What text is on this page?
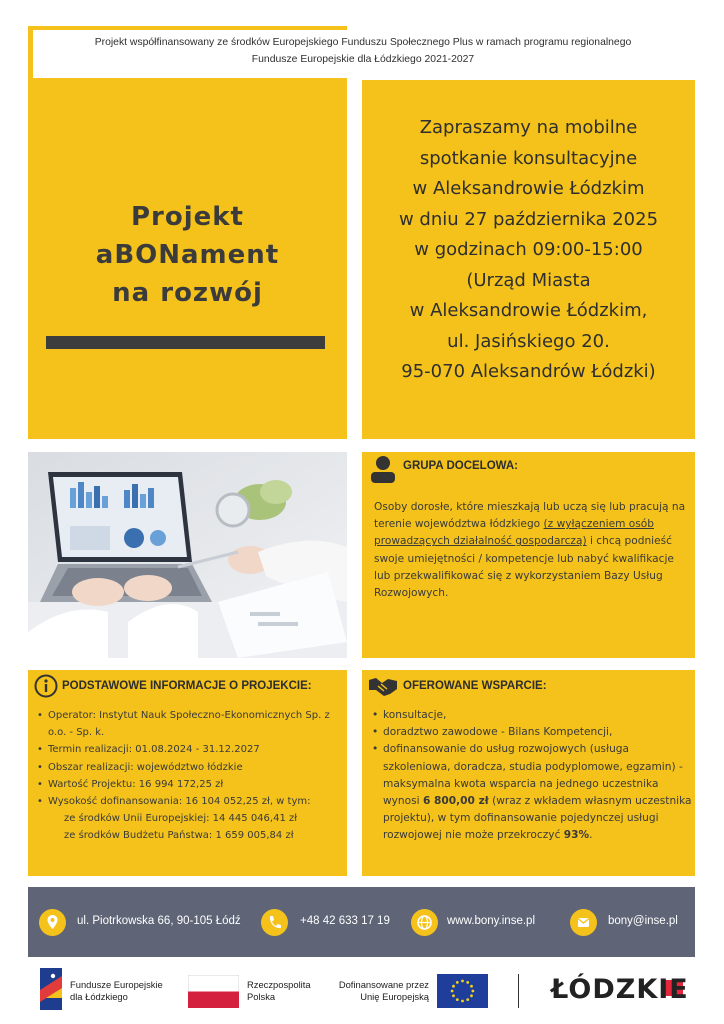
Projekt współfinansowany ze środków Europejskiego Funduszu Społecznego Plus w ramach programu regionalnego
Fundusze Europejskie dla Łódzkiego 2021-2027
Projekt
aBONament
na rozwój
Zapraszamy na mobilne
spotkanie konsultacyjne
w Aleksandrowie Łódzkim
w dniu 27 października 2025
w godzinach 09:00-15:00
(Urząd Miasta
w Aleksandrowie Łódzkim,
ul. Jasińskiego 20.
95-070 Aleksandrów Łódzki)
GRUPA DOCELOWA:
Osoby dorosłe, które mieszkają lub uczą się lub pracują na terenie województwa łódzkiego (z wyłączeniem osób prowadzących działalność gospodarczą) i chcą podnieść swoje umiejętności / kompetencje lub nabyć kwalifikacje lub przekwalifikować się z wykorzystaniem Bazy Usług Rozwojowych.
PODSTAWOWE INFORMACJE O PROJEKCIE:
• Operator: Instytut Nauk Społeczno-Ekonomicznych Sp. z o.o. - Sp. k.
• Termin realizacji: 01.08.2024 - 31.12.2027
• Obszar realizacji: województwo łódzkie
• Wartość Projektu: 16 994 172,25 zł
• Wysokość dofinansowania: 16 104 052,25 zł, w tym:
ze środków Unii Europejskiej: 14 445 046,41 zł
ze środków Budżetu Państwa: 1 659 005,84 zł
OFEROWANE WSPARCIE:
• konsultacje,
• doradztwo zawodowe - Bilans Kompetencji,
• dofinansowanie do usług rozwojowych (usługa szkoleniowa, doradcza, studia podyplomowe, egzamin) - maksymalna kwota wsparcia na jednego uczestnika wynosi 6 800,00 zł (wraz z wkładem własnym uczestnika projektu), w tym dofinansowanie pojedynczej usługi rozwojowej nie może przekroczyć 93%.
ul. Piotrkowska 66, 90-105 Łódź	+48 42 633 17 19	www.bony.inse.pl	bony@inse.pl
Fundusze Europejskie
dla Łódzkiego
Rzeczpospolita
Polska
Dofinansowane przez
Unię Europejską	ŁÓDZKIE
